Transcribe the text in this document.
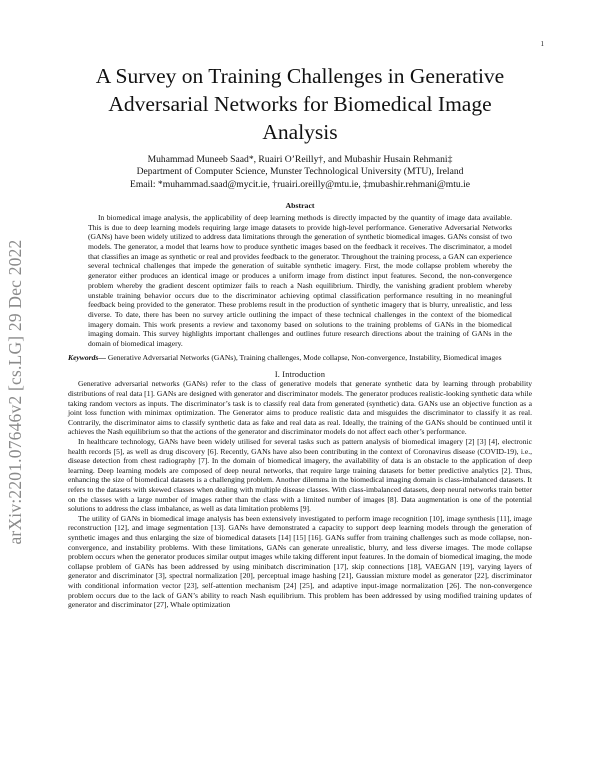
1
arXiv:2201.07646v2 [cs.LG] 29 Dec 2022
A Survey on Training Challenges in Generative
Adversarial Networks for Biomedical Image
Analysis
Muhammad Muneeb Saad*, Ruairi O’Reilly†, and Mubashir Husain Rehmani‡
Department of Computer Science, Munster Technological University (MTU), Ireland
Email: *muhammad.saad@mycit.ie, †ruairi.oreilly@mtu.ie, ‡mubashir.rehmani@mtu.ie
Abstract

In biomedical image analysis, the applicability of deep learning methods is directly impacted by the quantity of image data available. This is due to deep learning models requiring large image datasets to provide high-level performance. Generative Adversarial Networks (GANs) have been widely utilized to address data limitations through the generation of synthetic biomedical images. GANs consist of two models. The generator, a model that learns how to produce synthetic images based on the feedback it receives. The discriminator, a model that classifies an image as synthetic or real and provides feedback to the generator. Throughout the training process, a GAN can experience several technical challenges that impede the generation of suitable synthetic imagery. First, the mode collapse problem whereby the generator either produces an identical image or produces a uniform image from distinct input features. Second, the non-convergence problem whereby the gradient descent optimizer fails to reach a Nash equilibrium. Thirdly, the vanishing gradient problem whereby unstable training behavior occurs due to the discriminator achieving optimal classification performance resulting in no meaningful feedback being provided to the generator. These problems result in the production of synthetic imagery that is blurry, unrealistic, and less diverse. To date, there has been no survey article outlining the impact of these technical challenges in the context of the biomedical imagery domain. This work presents a review and taxonomy based on solutions to the training problems of GANs in the biomedical imaging domain. This survey highlights important challenges and outlines future research directions about the training of GANs in the domain of biomedical imagery.

Keywords— Generative Adversarial Networks (GANs), Training challenges, Mode collapse, Non-convergence, Instability, Biomedical images
I. Introduction

Generative adversarial networks (GANs) refer to the class of generative models that generate synthetic data by learning through probability distributions of real data [1]. GANs are designed with generator and discriminator models. The generator produces realistic-looking synthetic data while taking random vectors as inputs. The discriminator’s task is to classify real data from generated (synthetic) data. GANs use an objective function as a joint loss function with minimax optimization. The Generator aims to produce realistic data and misguides the discriminator to classify it as real. Contrarily, the discriminator aims to classify synthetic data as fake and real data as real. Ideally, the training of the GANs should be continued until it achieves the Nash equilibrium so that the actions of the generator and discriminator models do not affect each other’s performance.

In healthcare technology, GANs have been widely utilised for several tasks such as pattern analysis of biomedical imagery [2] [3] [4], electronic health records [5], as well as drug discovery [6]. Recently, GANs have also been contributing in the context of Coronavirus disease (COVID-19), i.e., disease detection from chest radiography [7]. In the domain of biomedical imagery, the availability of data is an obstacle to the application of deep learning. Deep learning models are composed of deep neural networks, that require large training datasets for better predictive analytics [2]. Thus, enhancing the size of biomedical datasets is a challenging problem. Another dilemma in the biomedical imaging domain is class-imbalanced datasets. It refers to the datasets with skewed classes when dealing with multiple disease classes. With class-imbalanced datasets, deep neural networks train better on the classes with a large number of images rather than the class with a limited number of images [8]. Data augmentation is one of the potential solutions to address the class imbalance, as well as data limitation problems [9].

The utility of GANs in biomedical image analysis has been extensively investigated to perform image recognition [10], image synthesis [11], image reconstruction [12], and image segmentation [13]. GANs have demonstrated a capacity to support deep learning models through the generation of synthetic images and thus enlarging the size of biomedical datasets [14] [15] [16]. GANs suffer from training challenges such as mode collapse, non-convergence, and instability problems. With these limitations, GANs can generate unrealistic, blurry, and less diverse images. The mode collapse problem occurs when the generator produces similar output images while taking different input features. In the domain of biomedical imaging, the mode collapse problem of GANs has been addressed by using minibatch discrimination [17], skip connections [18], VAEGAN [19], varying layers of generator and discriminator [3], spectral normalization [20], perceptual image hashing [21], Gaussian mixture model as generator [22], discriminator with conditional information vector [23], self-attention mechanism [24] [25], and adaptive input-image normalization [26]. The non-convergence problem occurs due to the lack of GAN’s ability to reach Nash equilibrium. This problem has been addressed by using modified training updates of generator and discriminator [27], Whale optimization
